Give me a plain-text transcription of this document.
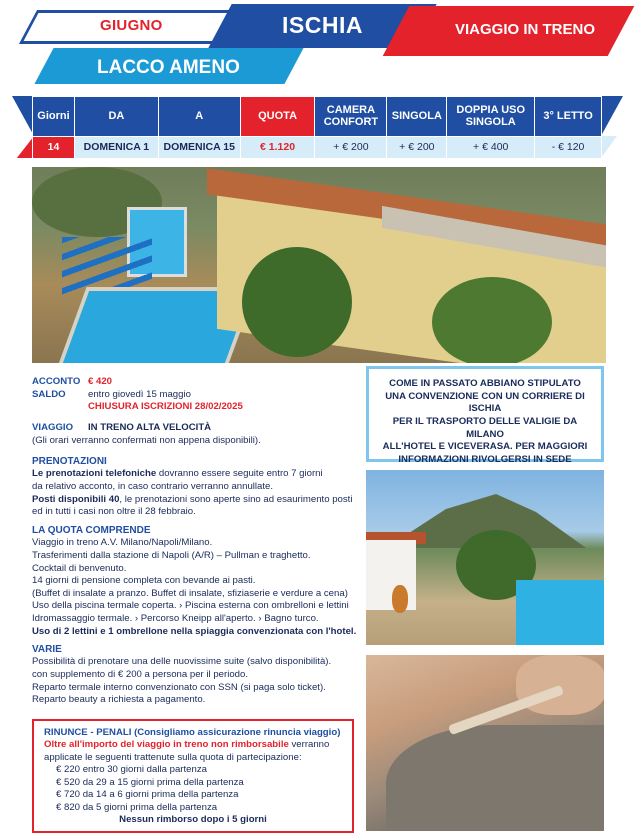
GIUGNO	ISCHIA	VIAGGIO IN TRENO
LACCO AMENO
Giorni	DA	A	QUOTA	CAMERA CONFORT	SINGOLA	DOPPIA USO SINGOLA	3° LETTO
14	DOMENICA 1	DOMENICA 15	€ 1.120	+ € 200	+ € 200	+ € 400	- € 120

COME IN PASSATO ABBIANO STIPULATO

UNA CONVENZIONE CON UN CORRIERE DI ISCHIA

PER IL TRASPORTO DELLE VALIGIE DA MILANO

ALL'HOTEL E VICEVERASA. PER MAGGIORI

INFORMAZIONI RIVOLGERSI IN SEDE

ACCONTO € 420
SALDO	entro giovedì 15 maggio
CHIUSURA ISCRIZIONI 28/02/2025
VIAGGIO	IN TRENO ALTA VELOCITÀ
(Gli orari verranno confermati non appena disponibili).
PRENOTAZIONI
Le prenotazioni telefoniche dovranno essere seguite entro 7 giorni
da relativo acconto, in caso contrario verranno annullate.
Posti disponibili 40, le prenotazioni sono aperte sino ad esaurimento posti
ed in tutti i casi non oltre il 28 febbraio.
LA QUOTA COMPRENDE
Viaggio in treno A.V. Milano/Napoli/Milano.
Trasferimenti dalla stazione di Napoli (A/R) – Pullman e traghetto.
Cocktail di benvenuto.
14 giorni di pensione completa con bevande ai pasti.
(Buffet di insalate a pranzo. Buffet di insalate, sfiziaserie e verdure a cena)
Uso della piscina termale coperta. › Piscina esterna con ombrelloni e lettini
Idromassaggio termale. › Percorso Kneipp all'aperto. › Bagno turco.
Uso di 2 lettini e 1 ombrellone nella spiaggia convenzionata con l'hotel.
VARIE
Possibilità di prenotare una delle nuovissime suite (salvo disponibilità).
con supplemento di € 200 a persona per il periodo.
Reparto termale interno convenzionato con SSN (si paga solo ticket).
Reparto beauty a richiesta a pagamento.
RINUNCE - PENALI (Consigliamo assicurazione rinuncia viaggio)
Oltre all'importo del viaggio in treno non rimborsabile verranno
applicate le seguenti trattenute sulla quota di partecipazione:
€ 220 entro 30 giorni dalla partenza
€ 520 da 29 a 15 giorni prima della partenza
€ 720 da 14 a 6 giorni prima della partenza
€ 820 da 5 giorni prima della partenza
Nessun rimborso dopo i 5 giorni
